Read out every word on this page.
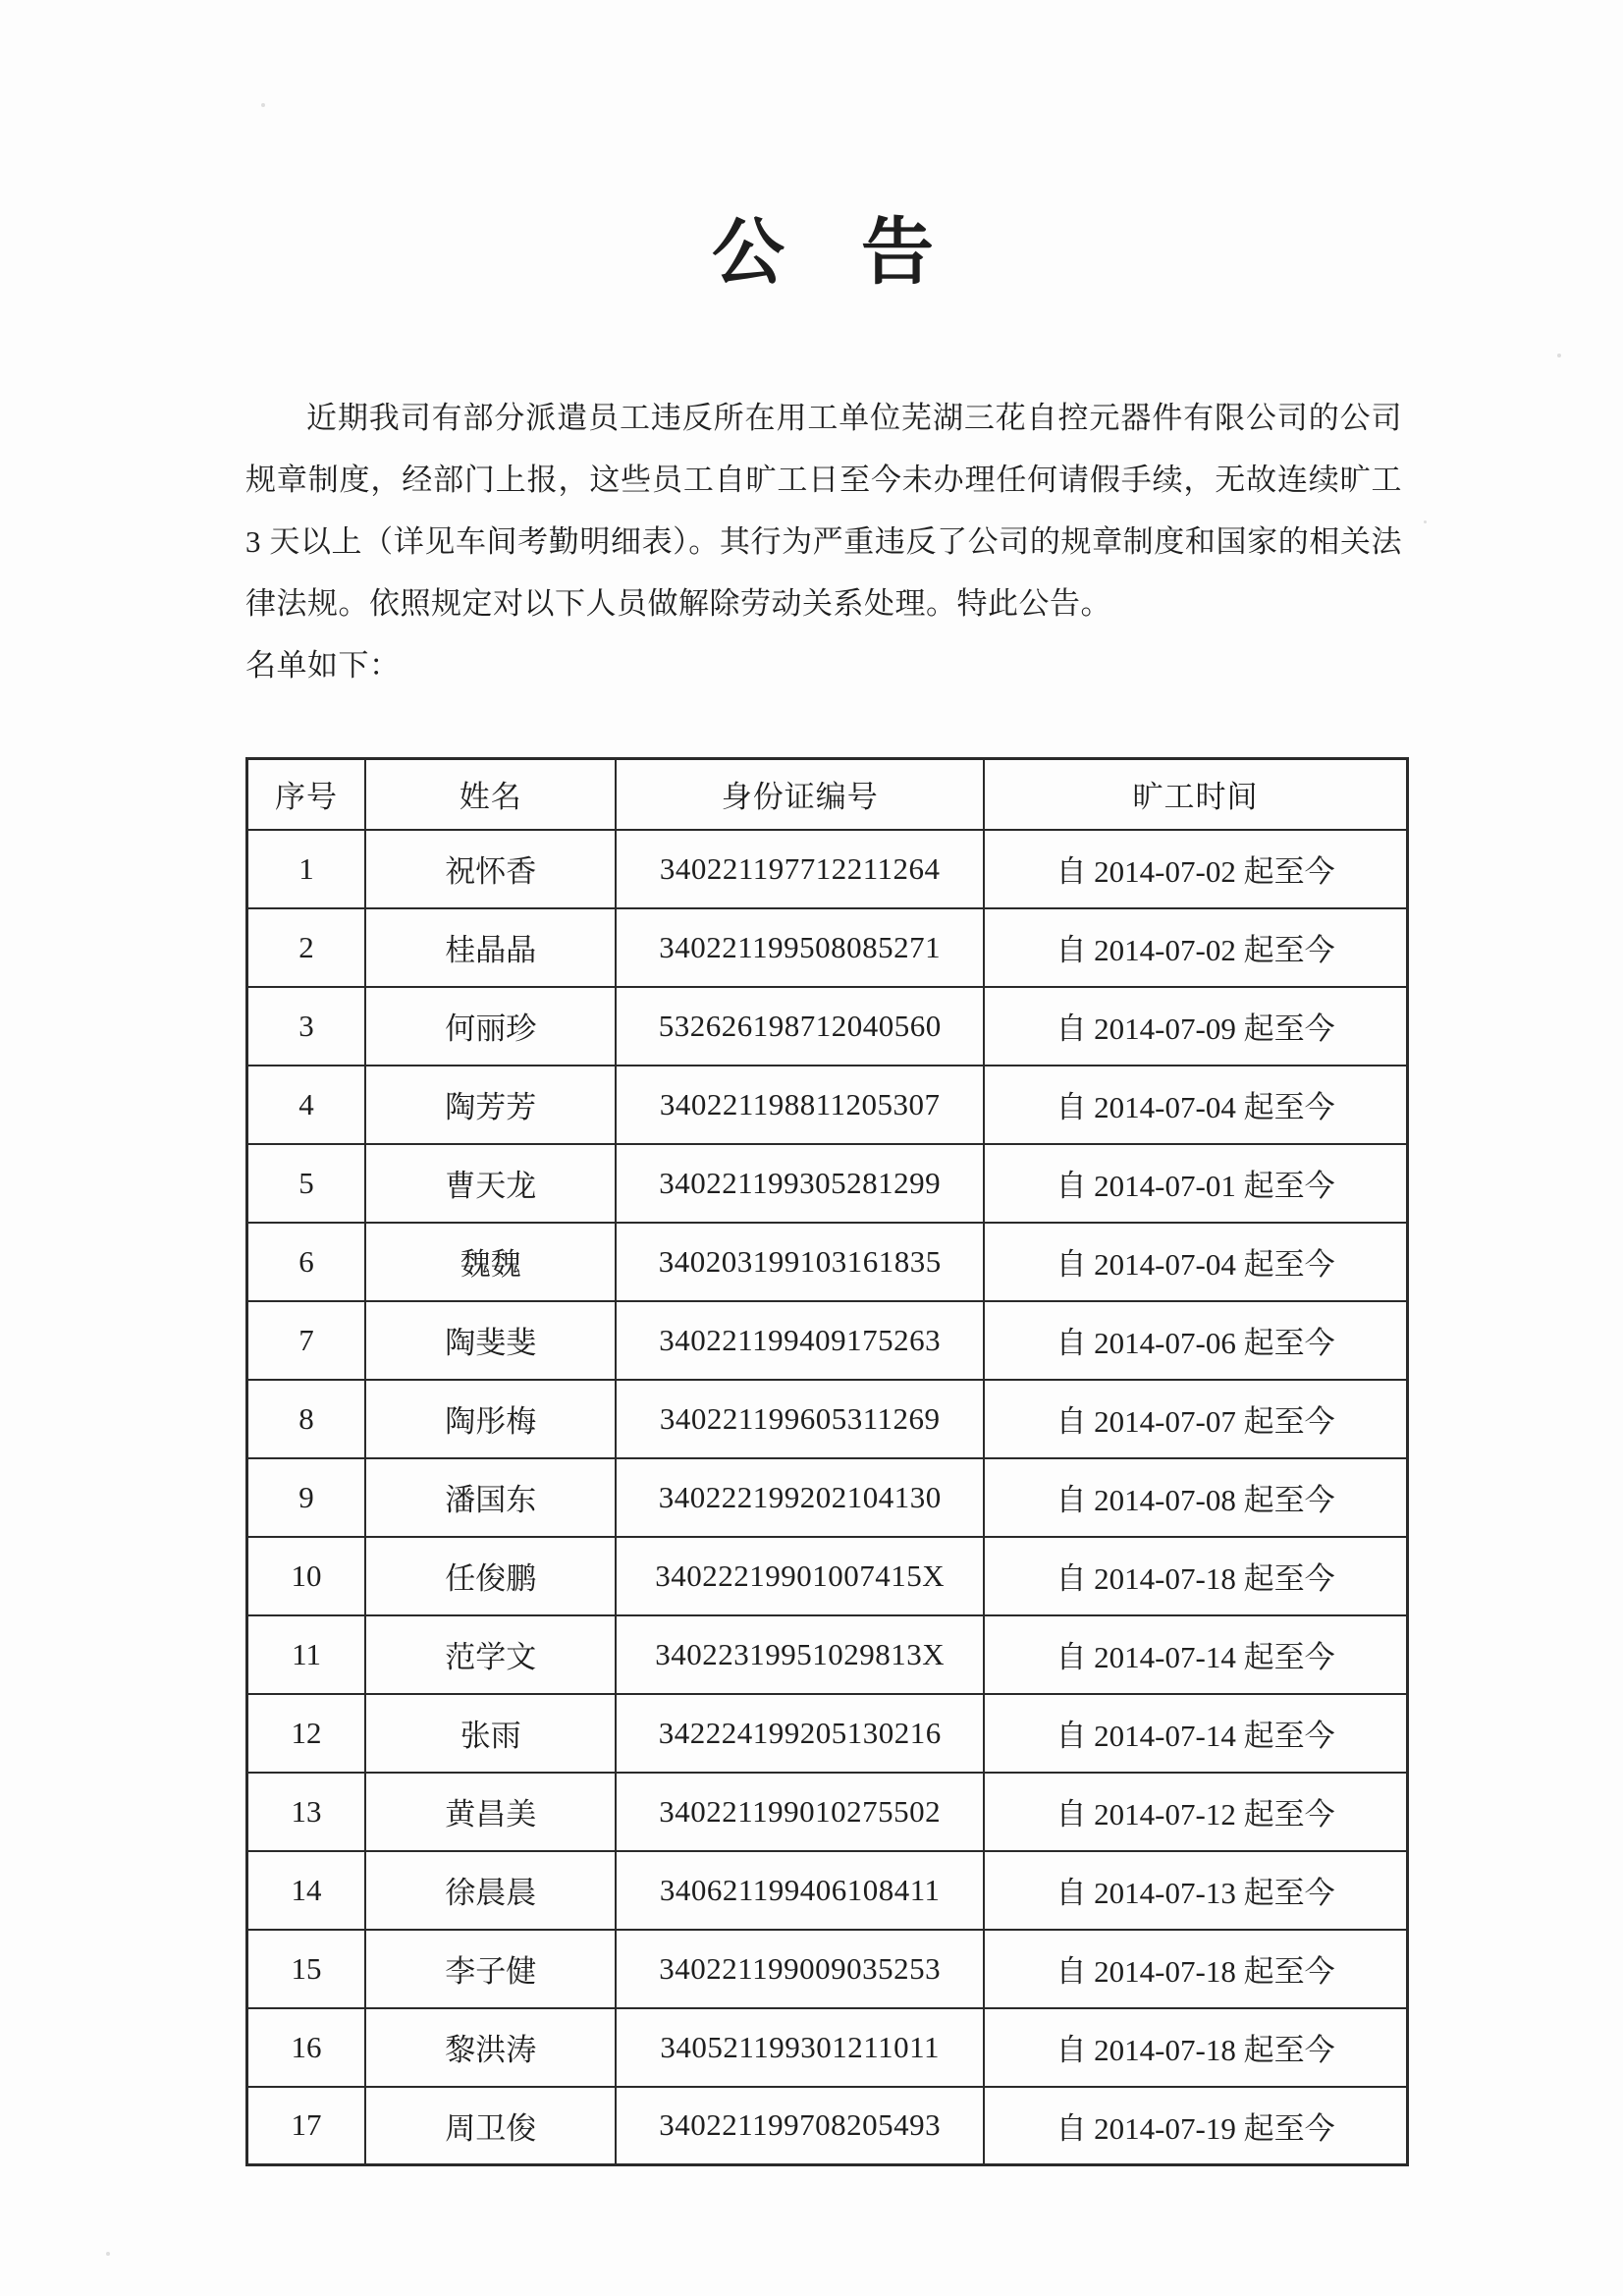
公　告

近期我司有部分派遣员工违反所在用工单位芜湖三花自控元器件有限公司的公司规章制度，经部门上报，这些员工自旷工日至今未办理任何请假手续，无故连续旷工 3 天以上（详见车间考勤明细表）。其行为严重违反了公司的规章制度和国家的相关法律法规。依照规定对以下人员做解除劳动关系处理。特此公告。

名单如下：

序号	姓名	身份证编号	旷工时间
1	祝怀香	340221197712211264	自 2014-07-02 起至今
2	桂晶晶	340221199508085271	自 2014-07-02 起至今
3	何丽珍	532626198712040560	自 2014-07-09 起至今
4	陶芳芳	340221198811205307	自 2014-07-04 起至今
5	曹天龙	340221199305281299	自 2014-07-01 起至今
6	魏魏	340203199103161835	自 2014-07-04 起至今
7	陶斐斐	340221199409175263	自 2014-07-06 起至今
8	陶彤梅	340221199605311269	自 2014-07-07 起至今
9	潘国东	340222199202104130	自 2014-07-08 起至今
10	任俊鹏	34022219901007415X	自 2014-07-18 起至今
11	范学文	34022319951029813X	自 2014-07-14 起至今
12	张雨	342224199205130216	自 2014-07-14 起至今
13	黄昌美	340221199010275502	自 2014-07-12 起至今
14	徐晨晨	340621199406108411	自 2014-07-13 起至今
15	李子健	340221199009035253	自 2014-07-18 起至今
16	黎洪涛	340521199301211011	自 2014-07-18 起至今
17	周卫俊	340221199708205493	自 2014-07-19 起至今
